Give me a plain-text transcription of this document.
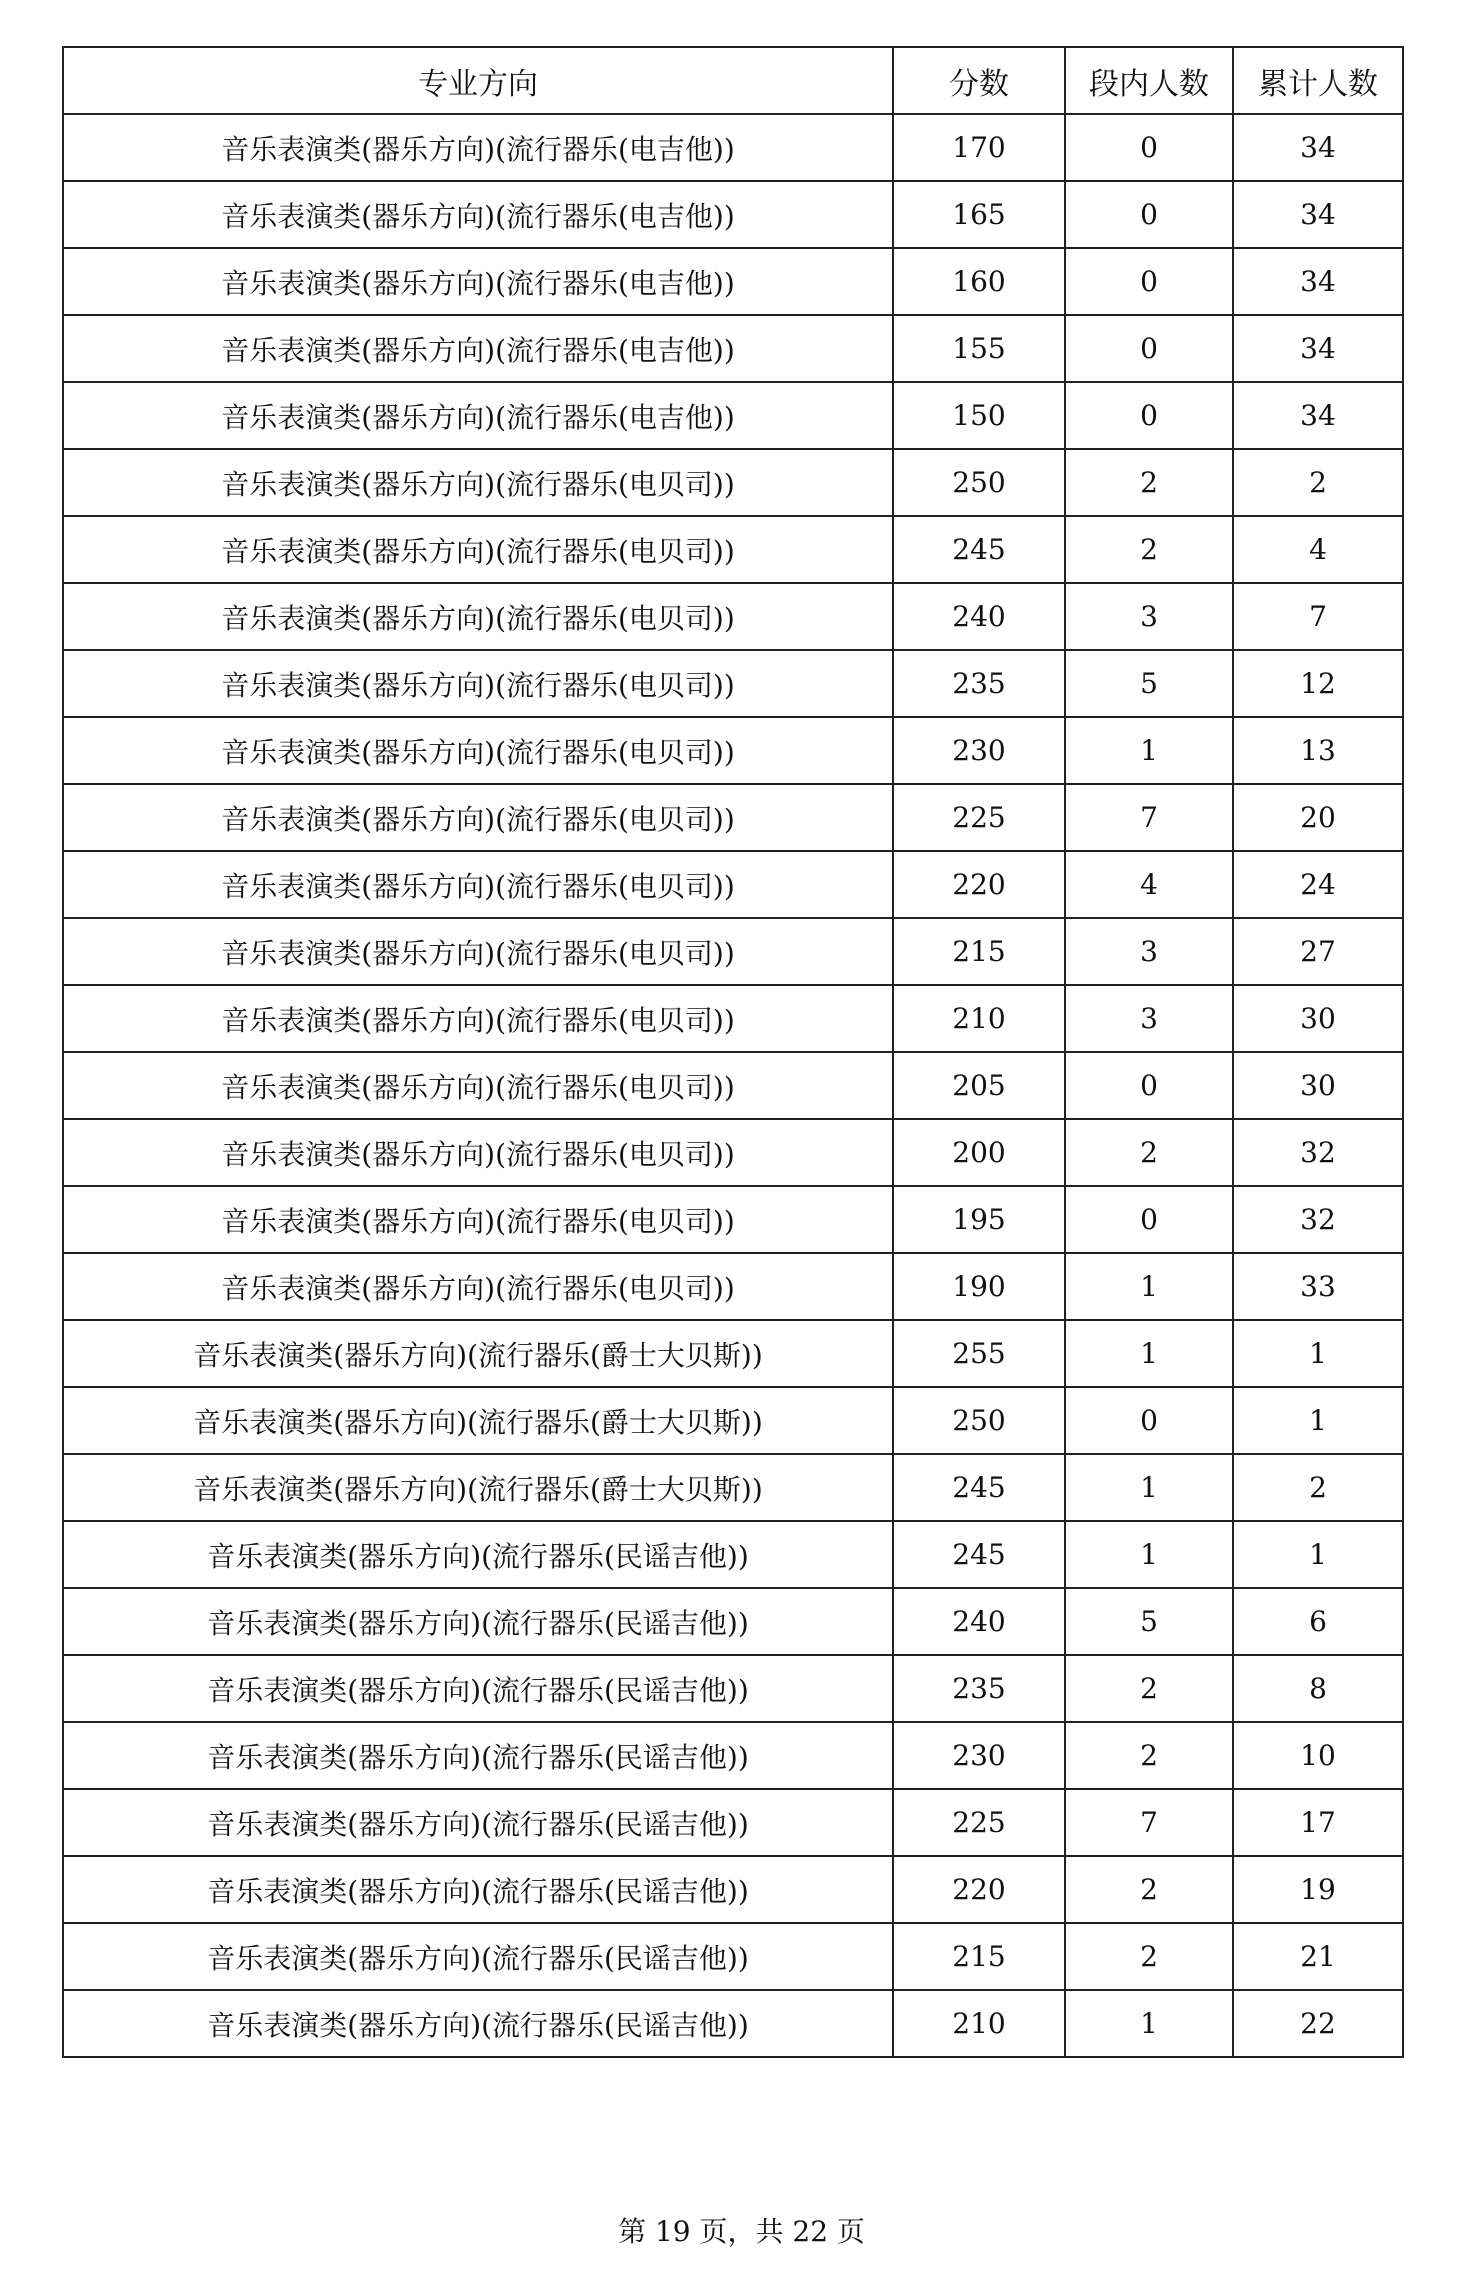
专业方向	分数	段内人数	累计人数
音乐表演类(器乐方向)(流行器乐(电吉他))	170	0	34
音乐表演类(器乐方向)(流行器乐(电吉他))	165	0	34
音乐表演类(器乐方向)(流行器乐(电吉他))	160	0	34
音乐表演类(器乐方向)(流行器乐(电吉他))	155	0	34
音乐表演类(器乐方向)(流行器乐(电吉他))	150	0	34
音乐表演类(器乐方向)(流行器乐(电贝司))	250	2	2
音乐表演类(器乐方向)(流行器乐(电贝司))	245	2	4
音乐表演类(器乐方向)(流行器乐(电贝司))	240	3	7
音乐表演类(器乐方向)(流行器乐(电贝司))	235	5	12
音乐表演类(器乐方向)(流行器乐(电贝司))	230	1	13
音乐表演类(器乐方向)(流行器乐(电贝司))	225	7	20
音乐表演类(器乐方向)(流行器乐(电贝司))	220	4	24
音乐表演类(器乐方向)(流行器乐(电贝司))	215	3	27
音乐表演类(器乐方向)(流行器乐(电贝司))	210	3	30
音乐表演类(器乐方向)(流行器乐(电贝司))	205	0	30
音乐表演类(器乐方向)(流行器乐(电贝司))	200	2	32
音乐表演类(器乐方向)(流行器乐(电贝司))	195	0	32
音乐表演类(器乐方向)(流行器乐(电贝司))	190	1	33
音乐表演类(器乐方向)(流行器乐(爵士大贝斯))	255	1	1
音乐表演类(器乐方向)(流行器乐(爵士大贝斯))	250	0	1
音乐表演类(器乐方向)(流行器乐(爵士大贝斯))	245	1	2
音乐表演类(器乐方向)(流行器乐(民谣吉他))	245	1	1
音乐表演类(器乐方向)(流行器乐(民谣吉他))	240	5	6
音乐表演类(器乐方向)(流行器乐(民谣吉他))	235	2	8
音乐表演类(器乐方向)(流行器乐(民谣吉他))	230	2	10
音乐表演类(器乐方向)(流行器乐(民谣吉他))	225	7	17
音乐表演类(器乐方向)(流行器乐(民谣吉他))	220	2	19
音乐表演类(器乐方向)(流行器乐(民谣吉他))	215	2	21
音乐表演类(器乐方向)(流行器乐(民谣吉他))	210	1	22
第 19 页，共 22 页
